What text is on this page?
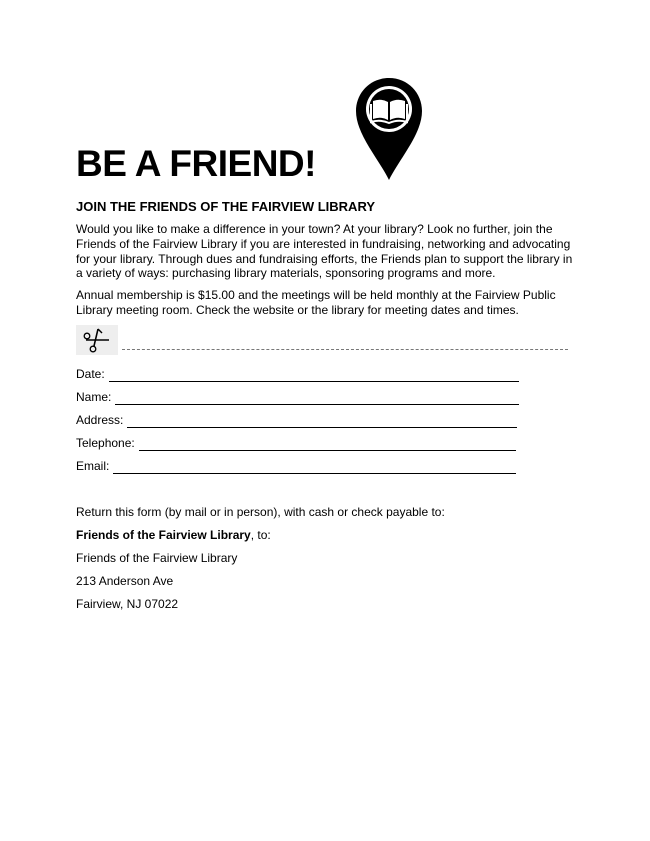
BE A FRIEND!
JOIN THE FRIENDS OF THE FAIRVIEW LIBRARY

Would you like to make a difference in your town? At your library? Look no further, join the Friends of the Fairview Library if you are interested in fundraising, networking and advocating for your library. Through dues and fundraising efforts, the Friends plan to support the library in a variety of ways: purchasing library materials, sponsoring programs and more.

Annual membership is $15.00 and the meetings will be held monthly at the Fairview Public Library meeting room. Check the website or the library for meeting dates and times.

Date:
Name:
Address:
Telephone:
Email:

Return this form (by mail or in person), with cash or check payable to:

Friends of the Fairview Library, to:

Friends of the Fairview Library

213 Anderson Ave

Fairview, NJ 07022
